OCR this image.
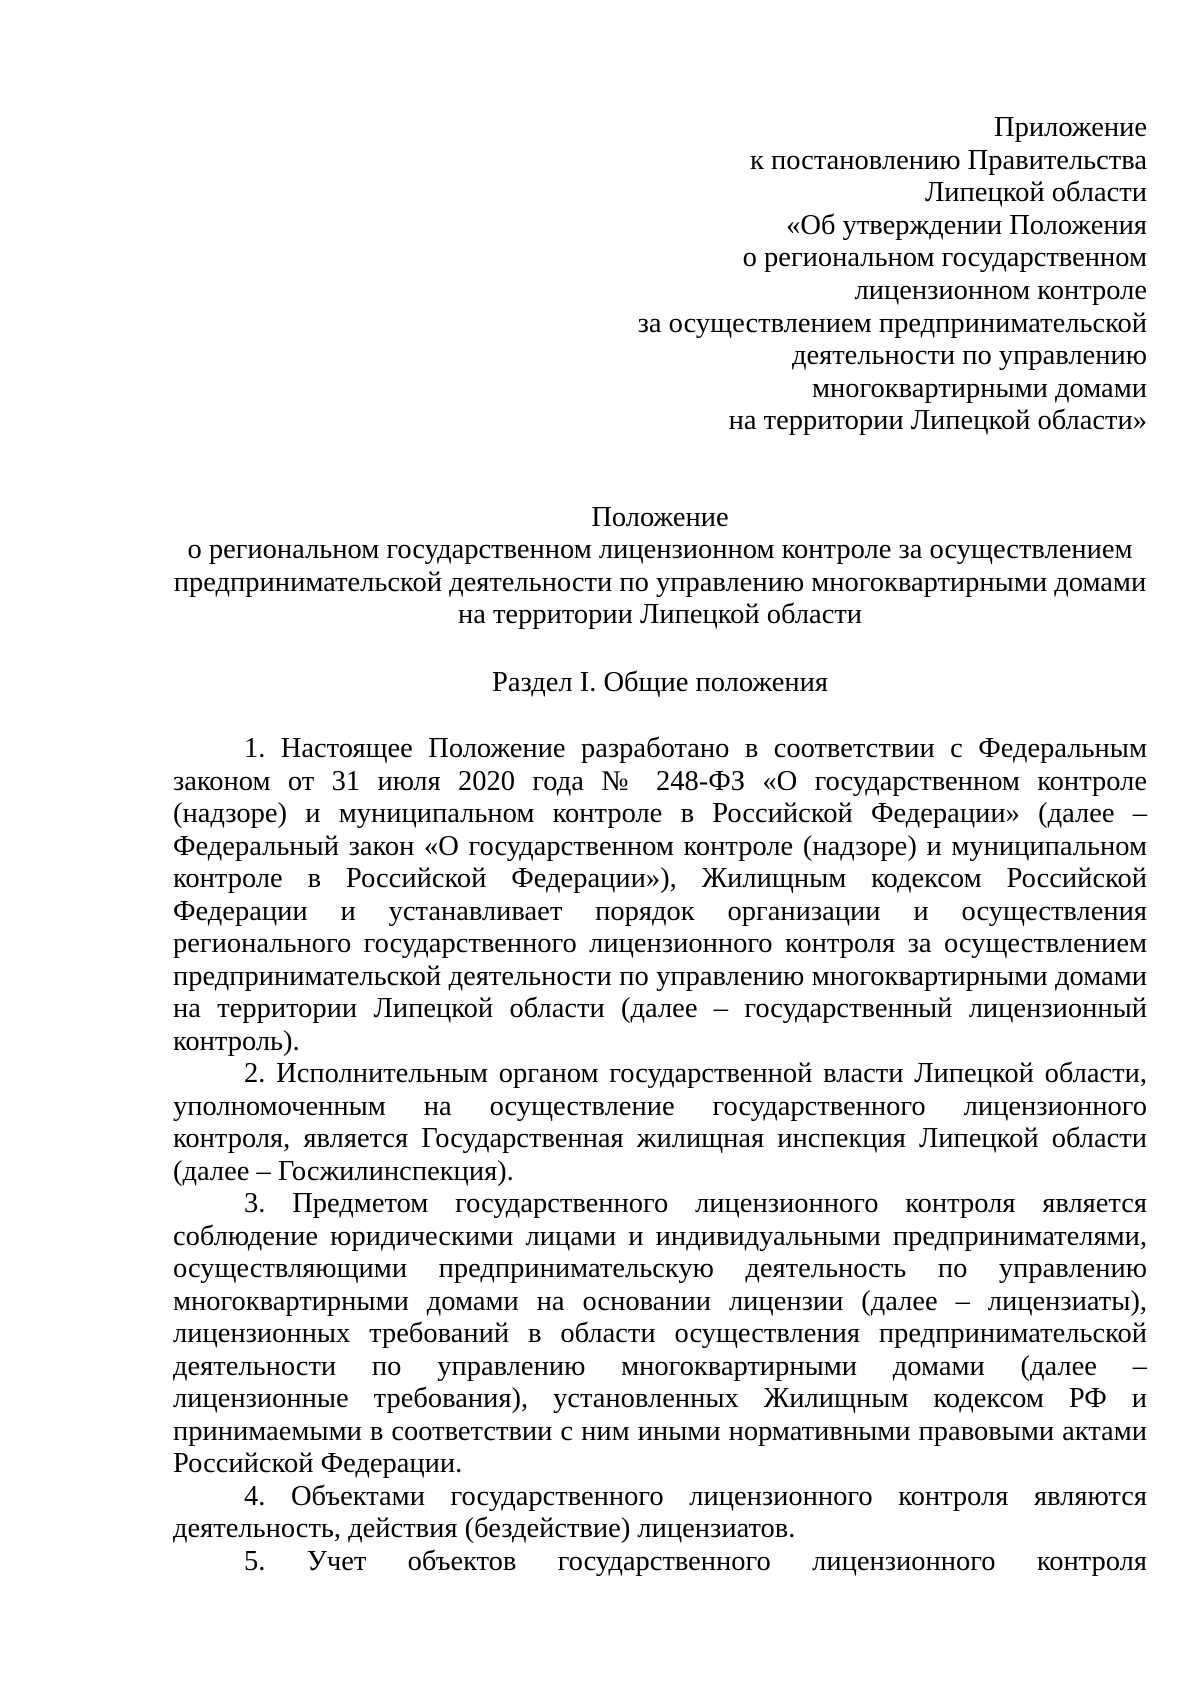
Приложение
к постановлению Правительства
Липецкой области
«Об утверждении Положения
о региональном государственном
лицензионном контроле
за осуществлением предпринимательской
деятельности по управлению
многоквартирными домами
на территории Липецкой области»
Положение
о региональном государственном лицензионном контроле за осуществлением
предпринимательской деятельности по управлению многоквартирными домами
на территории Липецкой области
Раздел I. Общие положения

1. Настоящее Положение разработано в соответствии с Федеральным законом от 31 июля 2020 года № 248-ФЗ «О государственном контроле (надзоре) и муниципальном контроле в Российской Федерации» (далее – Федеральный закон «О государственном контроле (надзоре) и муниципальном контроле в Российской Федерации»), Жилищным кодексом Российской Федерации и устанавливает порядок организации и осуществления регионального государственного лицензионного контроля за осуществлением предпринимательской деятельности по управлению многоквартирными домами на территории Липецкой области (далее – государственный лицензионный контроль).

2. Исполнительным органом государственной власти Липецкой области, уполномоченным на осуществление государственного лицензионного контроля, является Государственная жилищная инспекция Липецкой области (далее – Госжилинспекция).

3. Предметом государственного лицензионного контроля является соблюдение юридическими лицами и индивидуальными предпринимателями, осуществляющими предпринимательскую деятельность по управлению многоквартирными домами на основании лицензии (далее – лицензиаты), лицензионных требований в области осуществления предпринимательской деятельности по управлению многоквартирными домами (далее – лицензионные требования), установленных Жилищным кодексом РФ и принимаемыми в соответствии с ним иными нормативными правовыми актами Российской Федерации.

4. Объектами государственного лицензионного контроля являются деятельность, действия (бездействие) лицензиатов.

5. Учет объектов государственного лицензионного контроля
